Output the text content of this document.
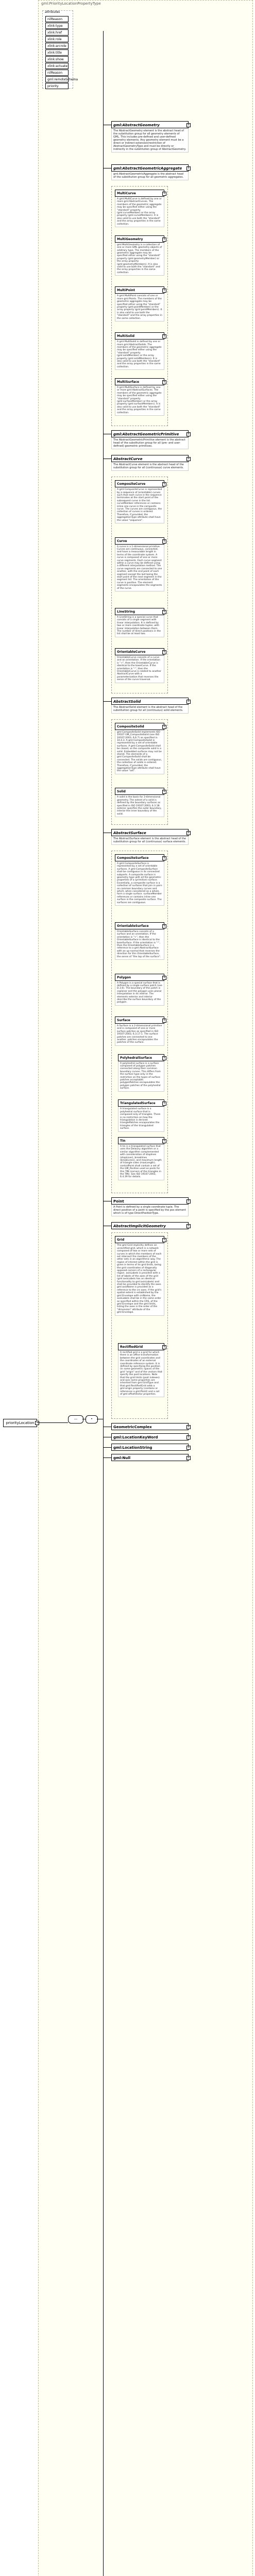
gml:PriorityLocationPropertyType
attributes
nilReason
xlink:type
xlink:href
xlink:role
xlink:arcrole
xlink:title
xlink:show
xlink:actuate
nilReason
gml:remoteSchema
priority
priorityLocation -
---	•
gml:AbstractGeometry	+
The AbstractGeometry element is the abstract head of the substitution group for all geometry elements of GML. This includes pre-defined and user-defined geometry elements. Any geometry element must be a direct or indirect extension/restriction of AbstractGeometryType and must be directly or indirectly in the substitution group of AbstractGeometry.
gml:AbstractGeometricAggregate +
gml:AbstractGeometricAggregate is the abstract head of the substitution group for all geometric aggregates.
MultiCurve	+
A gml:MultiCurve is defined by one or more gml:AbstractCurves. The members of the geometric aggregate may be specified either using the "standard" property (gml:curveMember) or the array property (gml:curveMembers). It is also valid to use both the "standard" and the array properties in the same collection.
MultiGeometry	+
gml:MultiGeometry is a collection of one or more GML geometry objects of arbitrary type. The members of the geometric aggregate may be specified either using the "standard" property (gml:geometryMember) or the array property (gml:geometryMembers). It is also valid to use both the "standard" and the array properties in the same collection.
MultiPoint	+
A gml:MultiPoint consists of one or more gml:Points. The members of the geometric aggregate may be specified either using the "standard" property (gml:pointMember) or the array property (gml:pointMembers). It is also valid to use both the "standard" and the array properties in the same collection.
MultiSolid	+
A gml:MultiSolid is defined by one or more gml:AbstractSolids. The members of the geometric aggregate may be specified either using the "standard" property (gml:solidMember) or the array property (gml:solidMembers). It is also valid to use both the "standard" and the array properties in the same collection.
MultiSurface	+
A gml:MultiSurface is defined by one or more gml:AbstractSurfaces. The members of the geometric aggregate may be specified either using the "standard" property (gml:surfaceMember) or the array property (gml:surfaceMembers). It is also valid to use both the "standard" and the array properties in the same collection.
gml:AbstractGeometricPrimitive	+
The AbstractGeometricPrimitive element is the abstract head of the substitution group for all (pre- and user-defined) geometric primitives.
AbstractCurve	+
The AbstractCurve element is the abstract head of the substitution group for all (continuous) curve elements.
CompositeCurve	+
A gml:CompositeCurve is represented by a sequence of (orientable) curves such that each curve in the sequence terminates at the start point of the subsequent curve in the list. curveMember references or contains inline one curve in the composite curve. The curves are contiguous, the collection of curves is ordered. Therefore, if provided, the aggregationType attribute shall have the value "sequence".
Curve	+
A curve is a 1-dimensional primitive. Curves are continuous, connected, and have a measurable length in terms of the coordinate system. A curve is composed of one or more curve segments. Each curve segment within a curve may be defined using a different interpolation method. The curve segments are connected to one another, with the end point of each segment except the last being the start point of the next segment in the segment list. The orientation of the curve is positive. The element segments encapsulates the segments of the curve.
LineString	+
A LineString is a special curve that consists of a single segment with linear interpolation. It is defined by two or more coordinate tuples, with linear interpolation between them. The number of direct positions in the list shall be at least two.
OrientableCurve	+
OrientableCurve consists of a curve and an orientation. If the orientation is "+", then the OrientableCurve is identical to the baseCurve. If the orientation is "-", then the OrientableCurve is related to another AbstractCurve with a parameterization that reverses the sense of the curve traversal.
AbstractSolid	+
The AbstractSolid element is the abstract head of the substituition group for all (continuous) solid elements.
CompositeSolid	+
gml:CompositeSolid implements ISO 19107 GM_CompositeSolid (see ISO 19107:2003, 6.6.7) as specified in 10.4.3. A gml:CompositeSolid is represented by a set of orientable surfaces. A gml:CompositeSolid shall be closed, so the composite solid is a solid. Embedded surfaces may not be stored. The elements of a gml:CompositeSolid shall be connected. The solids are contiguous, the collection of solids is ordered. Therefore, if provided, the aggregationType attribute shall have the value "set".
Solid	+
A solid is the basis for 3-dimensional geometry. The extent of a solid is defined by the boundary surfaces as specified in ISO 19107:2003, 6.3.18. exterior specifies the outer boundary, interior the inner boundary of the solid.
AbstractSurface	+
The AbstractSurface element is the abstract head of the substitution group for all (continuous) surface elements.
CompositeSurface	+
A gml:CompositeSurface is represented by a set of orientable surfaces. A gml:CompositeSurface shall be contiguous in its connected subparts. A composite surface is geometry type with all the geometric properties of a (primitive) surface. Essentially, a composite surface is a collection of surfaces that join in pairs on common boundary curves and which, when considered as a whole, form a single surface. surfaceMember references or contains inline one surface in the composite surface. The surfaces are contiguous.
OrientableSurface	+
OrientableSurface consists of a surface and an orientation. If the orientation is "+", then the OrientableSurface is identical to the baseSurface. If the orientation is "-", then the OrientableSurface is a reference to a gml:AbstractSurface with an up-normal that reverses the direction for this OrientableSurface, the sense of "the top of the surface".
Polygon	+
A Polygon is a special surface that is defined by a single surface patch (see D.3.6). The boundary of this patch is coplanar and the polygon uses planar interpolation in its interior. The elements exterior and interior describe the surface boundary of the polygon.
Surface	+
A Surface is a 2-dimensional primitive and is composed of one or more surface patches as specified in ISO 19107:2003, 6.3.17.1. The surface patches are connected to one another. patches encapsulates the patches of the surface.
PolyhedralSurface	+
A polyhedral surface is a surface composed of polygon patches connected along their common boundary curves. This differs from the surface type only in the restriction on the types of surface patches acceptable. polygonPatches encapsulates the polygon patches of the polyhedral surface.
TriangulatedSurface +
A triangulated surface is a polyhedral surface that is composed only of triangles. There is no restriction on how the triangulation is derived. trianglePatches encapsulates the triangles of the triangulated surface.
Tin	+
A tin is a triangulated surface that uses the Delauny algorithm or a similar algorithm complemented with consideration of stoplines (stopLines), breaklines (breakLines), and maximum length of triangle sides (maxLength). controlPoint shall contain a set of the GM_Position used as posts for this TIN (corners of the triangles in the TIN). See ISO 19107:2003, 6.4.39 for details.
Point	+
A Point is defined by a single coordinate tuple. The direct position of a point is specified by the pos element which is of type DirectPositionType.
AbstractImplicitGeometry	+
Grid	+
The gml:Grid implicitly defines an unrectified grid, which is a network composed of two or more sets of curves in which the members of each set intersect the members of the other sets in an algorithmic way. The region of interest within the grid is given in terms of its gml:limits, being the grid coordinates of diagonally opposed corners of a rectangular region. axisLabels is provided with a list of labels of the axes of the grid (gml:axisLabels has an identical functionality to gml:axisLabels) and shall be provided to identify the axes. gml:axisName is provided as a reference to the crs axes. If the grid's spatial extent is established by the gml:Envelope with srsName, the axisLabels shall be in the same order as specified within the CRS, of the gml:Envelope and the gml:limits, listing the axes in the order of the "dimension" attribute of the gml:Envelope.
RectifiedGrid	+
A rectified grid is a grid for which there is an affine transformation between the grid coordinates and the coordinates of an external coordinate reference system. It is defined by specifying the position (in some geometric space) of the grid "origin" and of the vectors that specify the post locations. Note that the grid limits (post indexes) and axis name properties are inherited from gml:GridType and that gml:RectifiedGrid adds a gml:origin property (contains or references a gml:Point) and a set of gml:offsetVector properties.
GeometricComplex	+
gml:LocationKeyWord	+
gml:LocationString	+
gml:Null	+
